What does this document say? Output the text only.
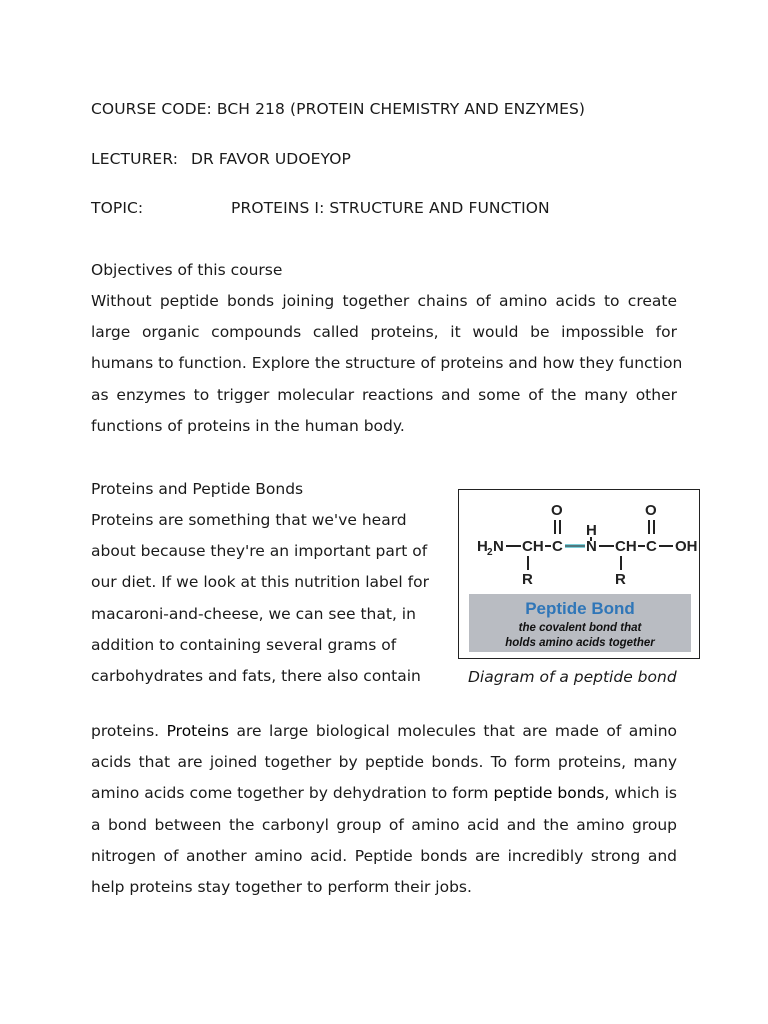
COURSE CODE: BCH 218 (PROTEIN CHEMISTRY AND ENZYMES)
LECTURER: DR FAVOR UDOEYOP
TOPIC:	PROTEINS I: STRUCTURE AND FUNCTION
Objectives of this course
Without peptide bonds joining together chains of amino acids to create
large organic compounds called proteins, it would be impossible for
humans to function. Explore the structure of proteins and how they function
as enzymes to trigger molecular reactions and some of the many other
functions of proteins in the human body.
Proteins and Peptide Bonds
Proteins are something that we've heard
about because they're an important part of
our diet. If we look at this nutrition label for
macaroni-and-cheese, we can see that, in
addition to containing several grams of
carbohydrates and fats, there also contain
O	O
H
H 2 N CH C N CH C OH
R	R
Peptide Bond
the covalent bond that
holds amino acids together
Diagram of a peptide bond
proteins. Proteins are large biological molecules that are made of amino
acids that are joined together by peptide bonds. To form proteins, many
amino acids come together by dehydration to form peptide bonds, which is
a bond between the carbonyl group of amino acid and the amino group
nitrogen of another amino acid. Peptide bonds are incredibly strong and
help proteins stay together to perform their jobs.
